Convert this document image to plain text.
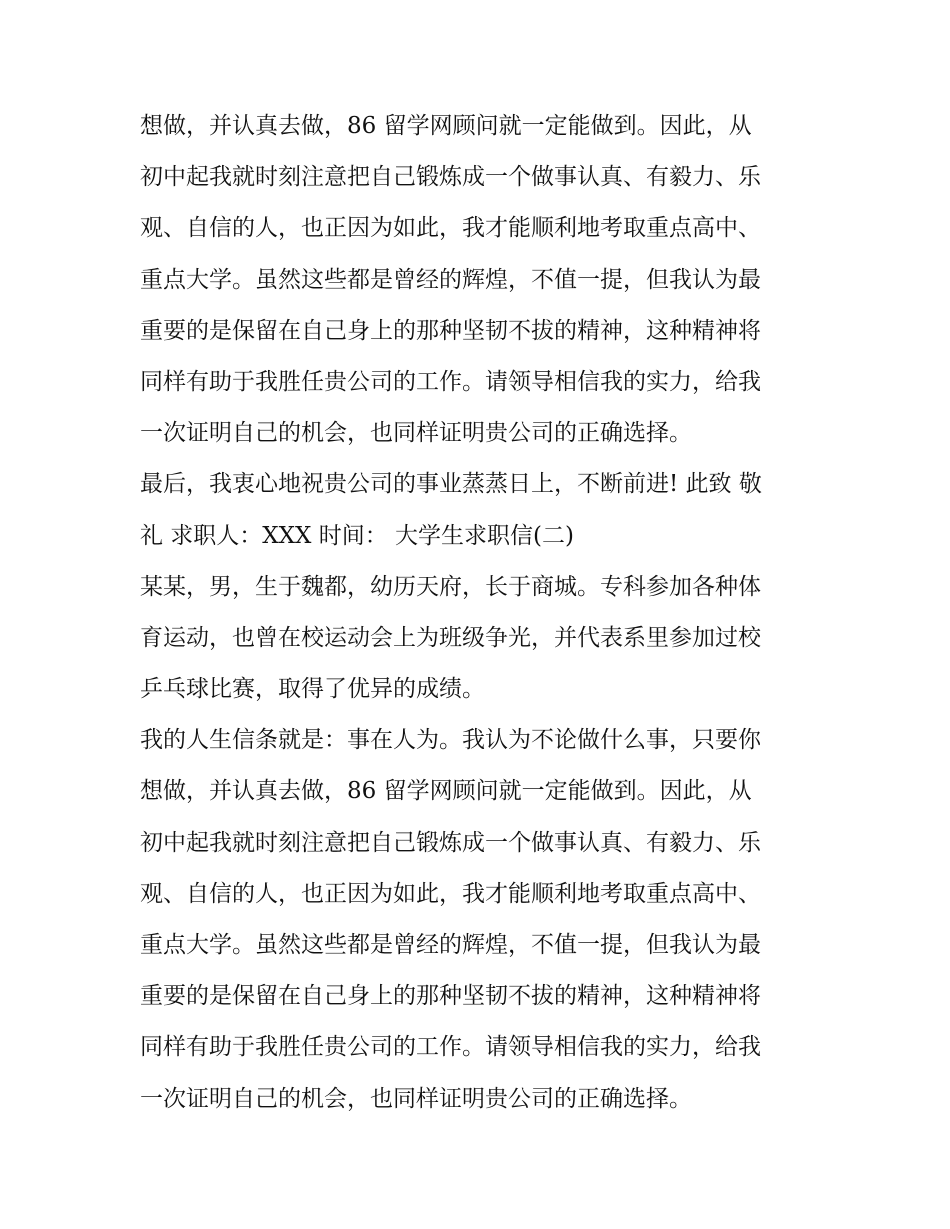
想做，并认真去做，86 留学网顾问就一定能做到。因此，从
初中起我就时刻注意把自己锻炼成一个做事认真、有毅力、乐
观、自信的人，也正因为如此，我才能顺利地考取重点高中、
重点大学。虽然这些都是曾经的辉煌，不值一提，但我认为最
重要的是保留在自己身上的那种坚韧不拔的精神，这种精神将
同样有助于我胜任贵公司的工作。请领导相信我的实力，给我
一次证明自己的机会，也同样证明贵公司的正确选择。
最后，我衷心地祝贵公司的事业蒸蒸日上，不断前进! 此致 敬
礼 求职人：XXX 时间： 大学生求职信(二)
某某，男，生于魏都，幼历天府，长于商城。专科参加各种体
育运动，也曾在校运动会上为班级争光，并代表系里参加过校
乒乓球比赛，取得了优异的成绩。
我的人生信条就是：事在人为。我认为不论做什么事，只要你
想做，并认真去做，86 留学网顾问就一定能做到。因此，从
初中起我就时刻注意把自己锻炼成一个做事认真、有毅力、乐
观、自信的人，也正因为如此，我才能顺利地考取重点高中、
重点大学。虽然这些都是曾经的辉煌，不值一提，但我认为最
重要的是保留在自己身上的那种坚韧不拔的精神，这种精神将
同样有助于我胜任贵公司的工作。请领导相信我的实力，给我
一次证明自己的机会，也同样证明贵公司的正确选择。
